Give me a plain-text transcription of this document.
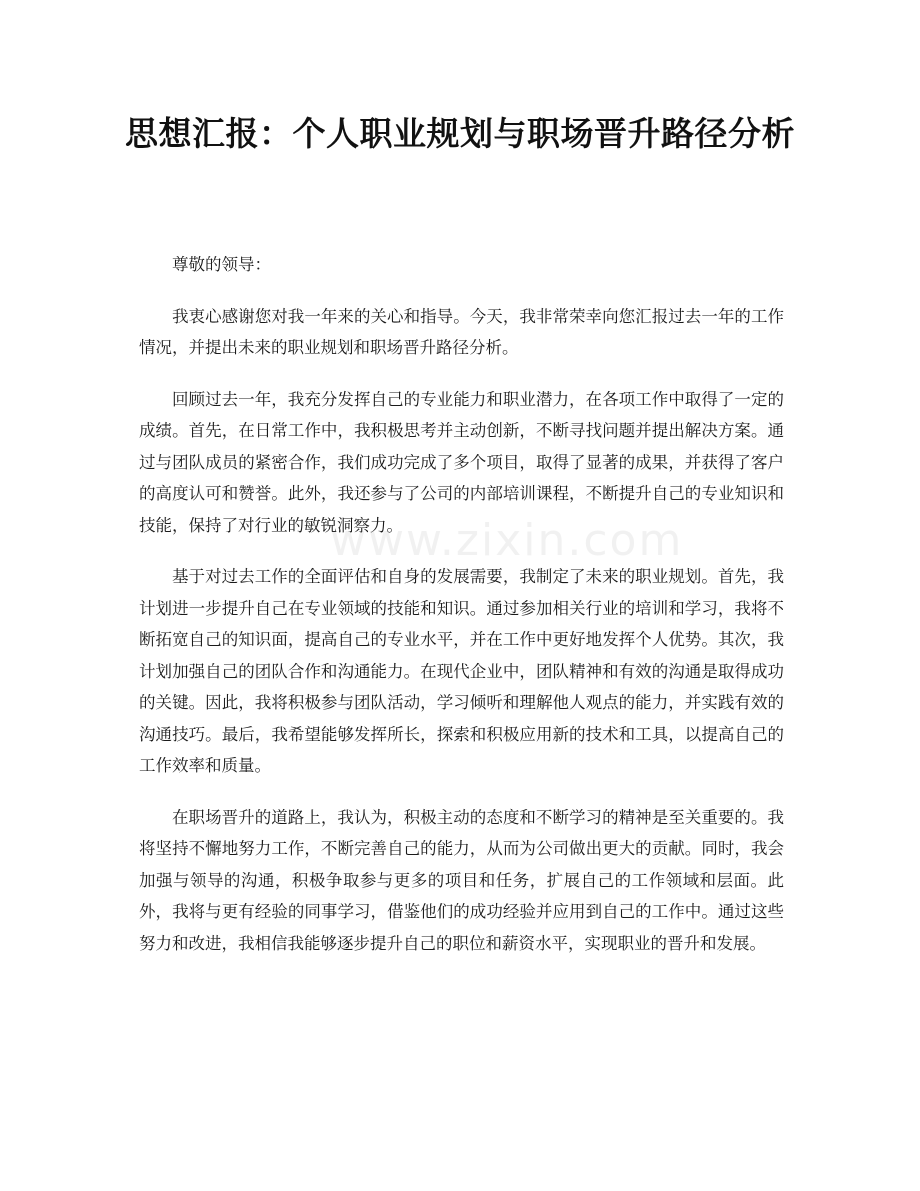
思想汇报：个人职业规划与职场晋升路径分析

尊敬的领导：

我衷心感谢您对我一年来的关心和指导。今天，我非常荣幸向您汇报过去一年的工作情况，并提出未来的职业规划和职场晋升路径分析。

回顾过去一年，我充分发挥自己的专业能力和职业潜力，在各项工作中取得了一定的成绩。首先，在日常工作中，我积极思考并主动创新，不断寻找问题并提出解决方案。通过与团队成员的紧密合作，我们成功完成了多个项目，取得了显著的成果，并获得了客户的高度认可和赞誉。此外，我还参与了公司的内部培训课程，不断提升自己的专业知识和技能，保持了对行业的敏锐洞察力。

基于对过去工作的全面评估和自身的发展需要，我制定了未来的职业规划。首先，我计划进一步提升自己在专业领域的技能和知识。通过参加相关行业的培训和学习，我将不断拓宽自己的知识面，提高自己的专业水平，并在工作中更好地发挥个人优势。其次，我计划加强自己的团队合作和沟通能力。在现代企业中，团队精神和有效的沟通是取得成功的关键。因此，我将积极参与团队活动，学习倾听和理解他人观点的能力，并实践有效的沟通技巧。最后，我希望能够发挥所长，探索和积极应用新的技术和工具，以提高自己的工作效率和质量。

在职场晋升的道路上，我认为，积极主动的态度和不断学习的精神是至关重要的。我将坚持不懈地努力工作，不断完善自己的能力，从而为公司做出更大的贡献。同时，我会加强与领导的沟通，积极争取参与更多的项目和任务，扩展自己的工作领域和层面。此外，我将与更有经验的同事学习，借鉴他们的成功经验并应用到自己的工作中。通过这些努力和改进，我相信我能够逐步提升自己的职位和薪资水平，实现职业的晋升和发展。

www.zixin.com
